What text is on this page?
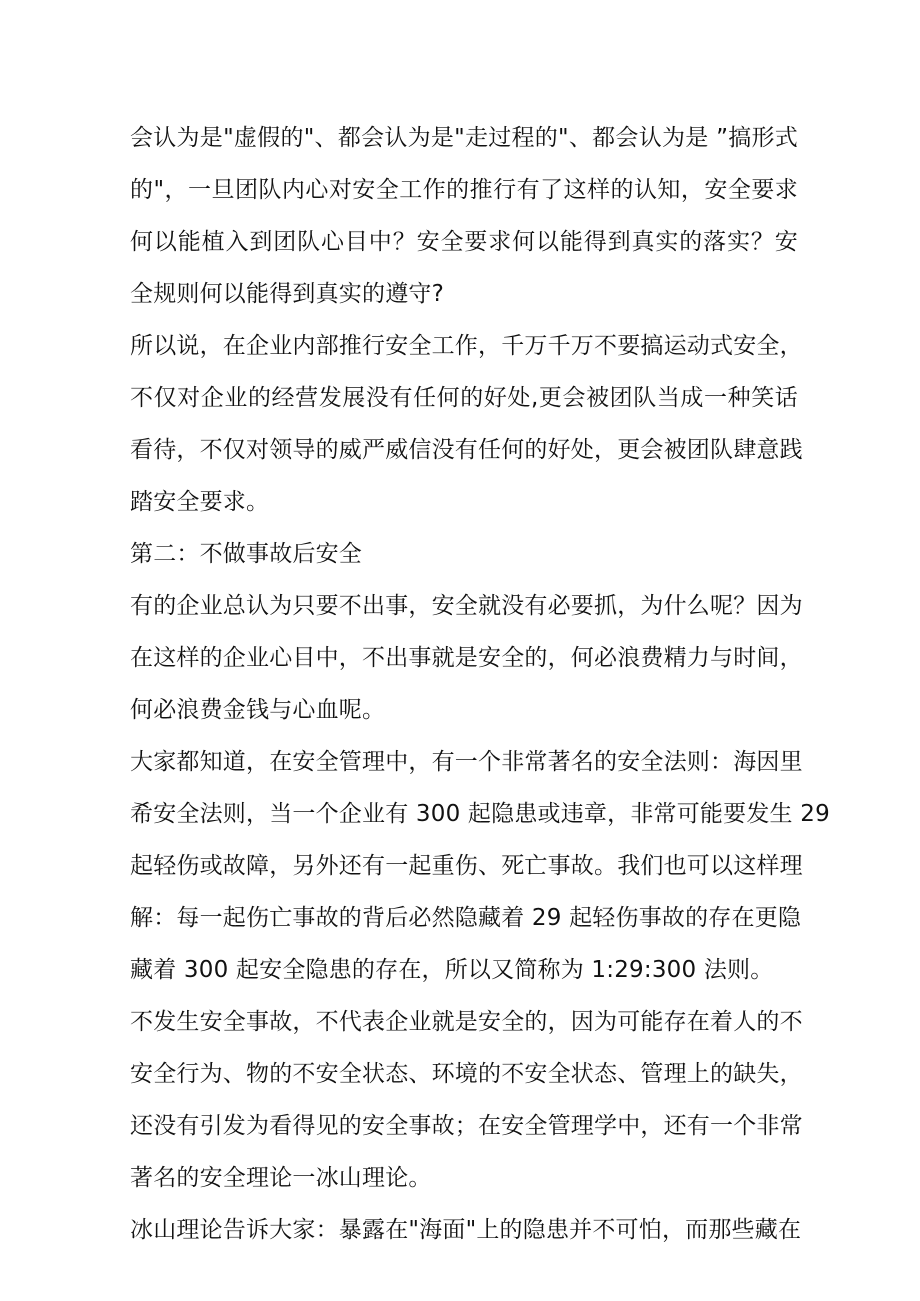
会认为是"虚假的"、都会认为是"走过程的"、都会认为是 ”搞形式
的"，一旦团队内心对安全工作的推行有了这样的认知，安全要求
何以能植入到团队心目中？安全要求何以能得到真实的落实？安
全规则何以能得到真实的遵守?
所以说，在企业内部推行安全工作，千万千万不要搞运动式安全，
不仅对企业的经营发展没有任何的好处,更会被团队当成一种笑话
看待，不仅对领导的威严威信没有任何的好处，更会被团队肆意践
踏安全要求。
第二：不做事故后安全
有的企业总认为只要不出事，安全就没有必要抓，为什么呢？因为
在这样的企业心目中，不出事就是安全的，何必浪费精力与时间，
何必浪费金钱与心血呢。
大家都知道，在安全管理中，有一个非常著名的安全法则：海因里
希安全法则，当一个企业有 300 起隐患或违章，非常可能要发生 29
起轻伤或故障，另外还有一起重伤、死亡事故。我们也可以这样理
解：每一起伤亡事故的背后必然隐藏着 29 起轻伤事故的存在更隐
藏着 300 起安全隐患的存在，所以又简称为 1:29:300 法则。
不发生安全事故，不代表企业就是安全的，因为可能存在着人的不
安全行为、物的不安全状态、环境的不安全状态、管理上的缺失，
还没有引发为看得见的安全事故；在安全管理学中，还有一个非常
著名的安全理论一冰山理论。
冰山理论告诉大家：暴露在"海面"上的隐患并不可怕，而那些藏在
